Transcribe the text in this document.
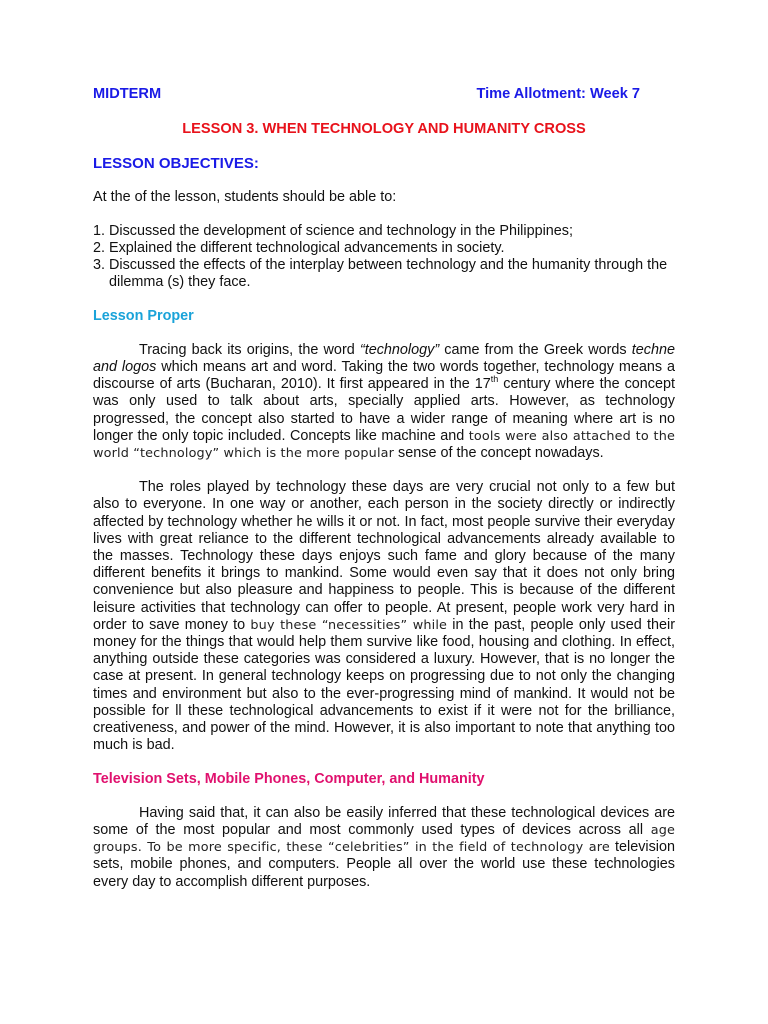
MIDTERM	Time Allotment: Week 7
LESSON 3. WHEN TECHNOLOGY AND HUMANITY CROSS
LESSON OBJECTIVES:
At the of the lesson, students should be able to:
1. Discussed the development of science and technology in the Philippines;
2. Explained the different technological advancements in society.
3. Discussed the effects of the interplay between technology and the humanity through the dilemma (s) they face.
Lesson Proper

Tracing back its origins, the word “technology” came from the Greek words techne and logos which means art and word. Taking the two words together, technology means a discourse of arts (Bucharan, 2010). It first appeared in the 17th century where the concept was only used to talk about arts, specially applied arts. However, as technology progressed, the concept also started to have a wider range of meaning where art is no longer the only topic included. Concepts like machine and tools were also attached to the world “technology” which is the more popular sense of the concept nowadays.

The roles played by technology these days are very crucial not only to a few but also to everyone. In one way or another, each person in the society directly or indirectly affected by technology whether he wills it or not. In fact, most people survive their everyday lives with great reliance to the different technological advancements already available to the masses. Technology these days enjoys such fame and glory because of the many different benefits it brings to mankind. Some would even say that it does not only bring convenience but also pleasure and happiness to people. This is because of the different leisure activities that technology can offer to people. At present, people work very hard in order to save money to buy these “necessities” while in the past, people only used their money for the things that would help them survive like food, housing and clothing. In effect, anything outside these categories was considered a luxury. However, that is no longer the case at present. In general technology keeps on progressing due to not only the changing times and environment but also to the ever-progressing mind of mankind. It would not be possible for ll these technological advancements to exist if it were not for the brilliance, creativeness, and power of the mind. However, it is also important to note that anything too much is bad.

Television Sets, Mobile Phones, Computer, and Humanity

Having said that, it can also be easily inferred that these technological devices are some of the most popular and most commonly used types of devices across all age groups. To be more specific, these “celebrities” in the field of technology are television sets, mobile phones, and computers. People all over the world use these technologies every day to accomplish different purposes.
